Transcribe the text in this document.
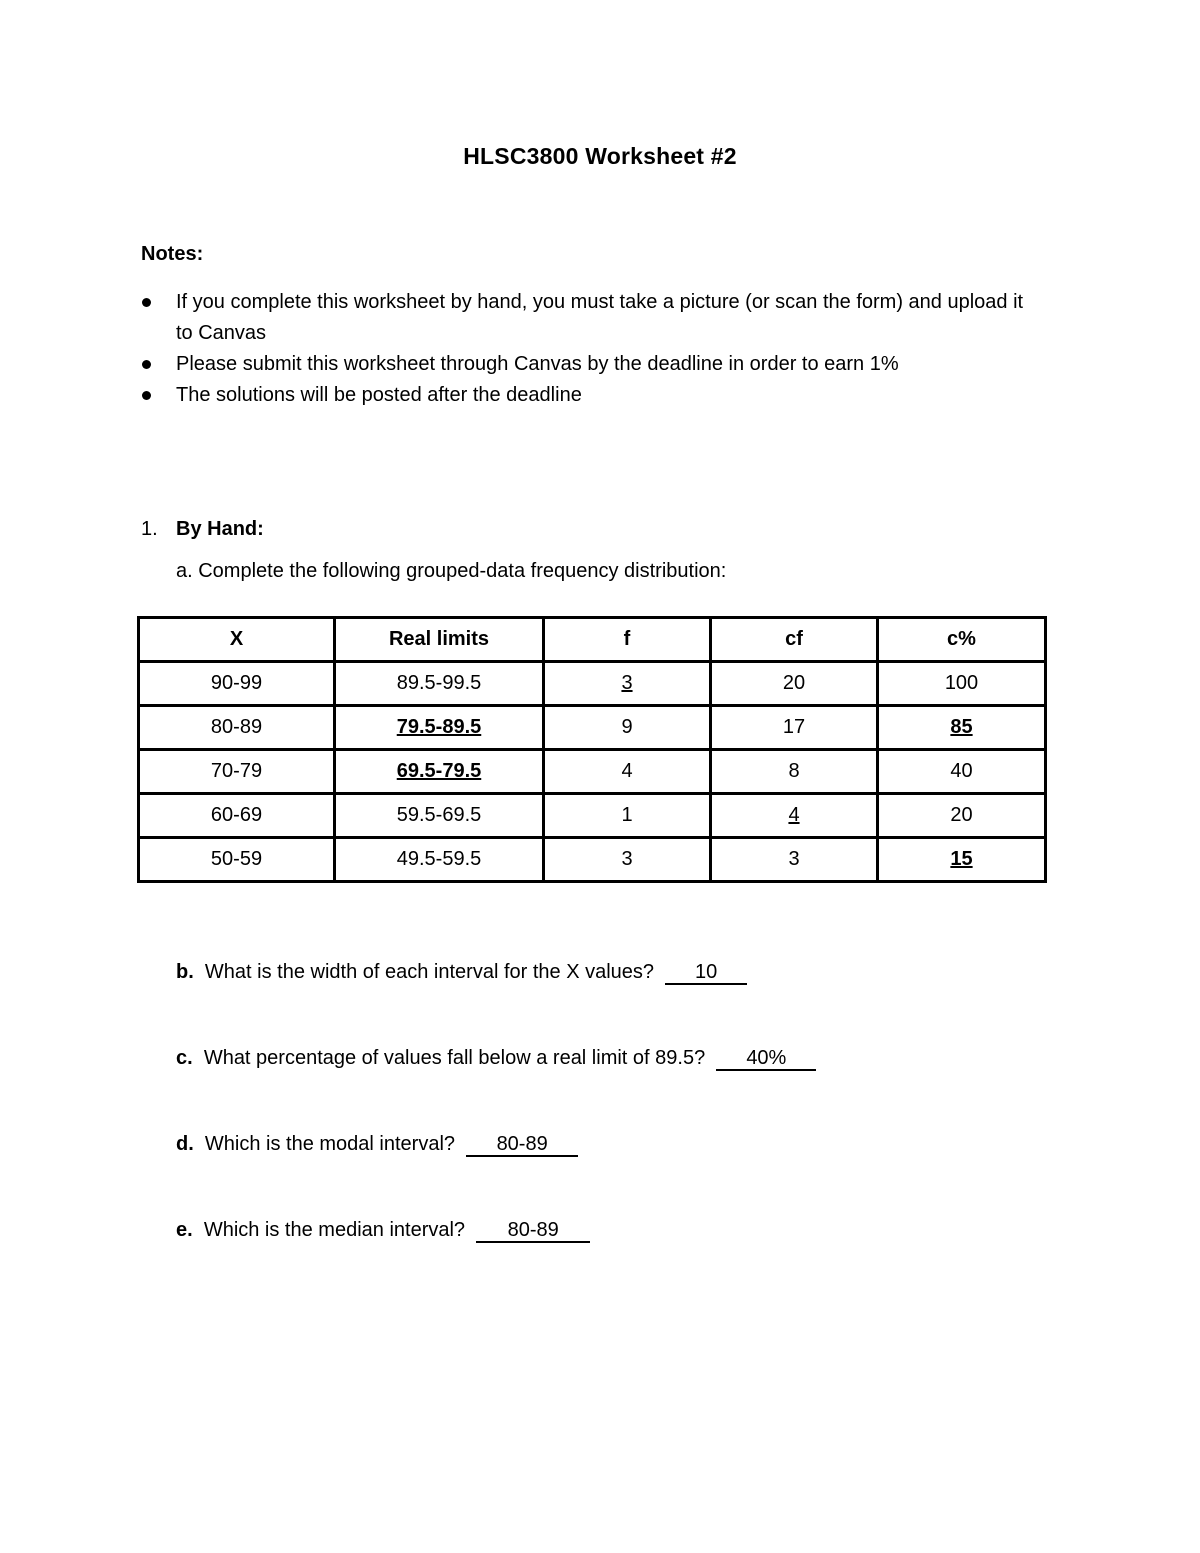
HLSC3800 Worksheet #2
Notes:
If you complete this worksheet by hand, you must take a picture (or scan the form) and upload it to Canvas
Please submit this worksheet through Canvas by the deadline in order to earn 1%
The solutions will be posted after the deadline
1. By Hand:
a. Complete the following grouped-data frequency distribution:
X	Real limits	f	cf	c%
90-99	89.5-99.5	3	20	100
80-89	79.5-89.5	9	17	85
70-79	69.5-79.5	4	8	40
60-69	59.5-69.5	1	4	20
50-59	49.5-59.5	3	3	15
b. What is the width of each interval for the X values? 10
c. What percentage of values fall below a real limit of 89.5? 40%
d. Which is the modal interval? 80-89
e. Which is the median interval? 80-89
